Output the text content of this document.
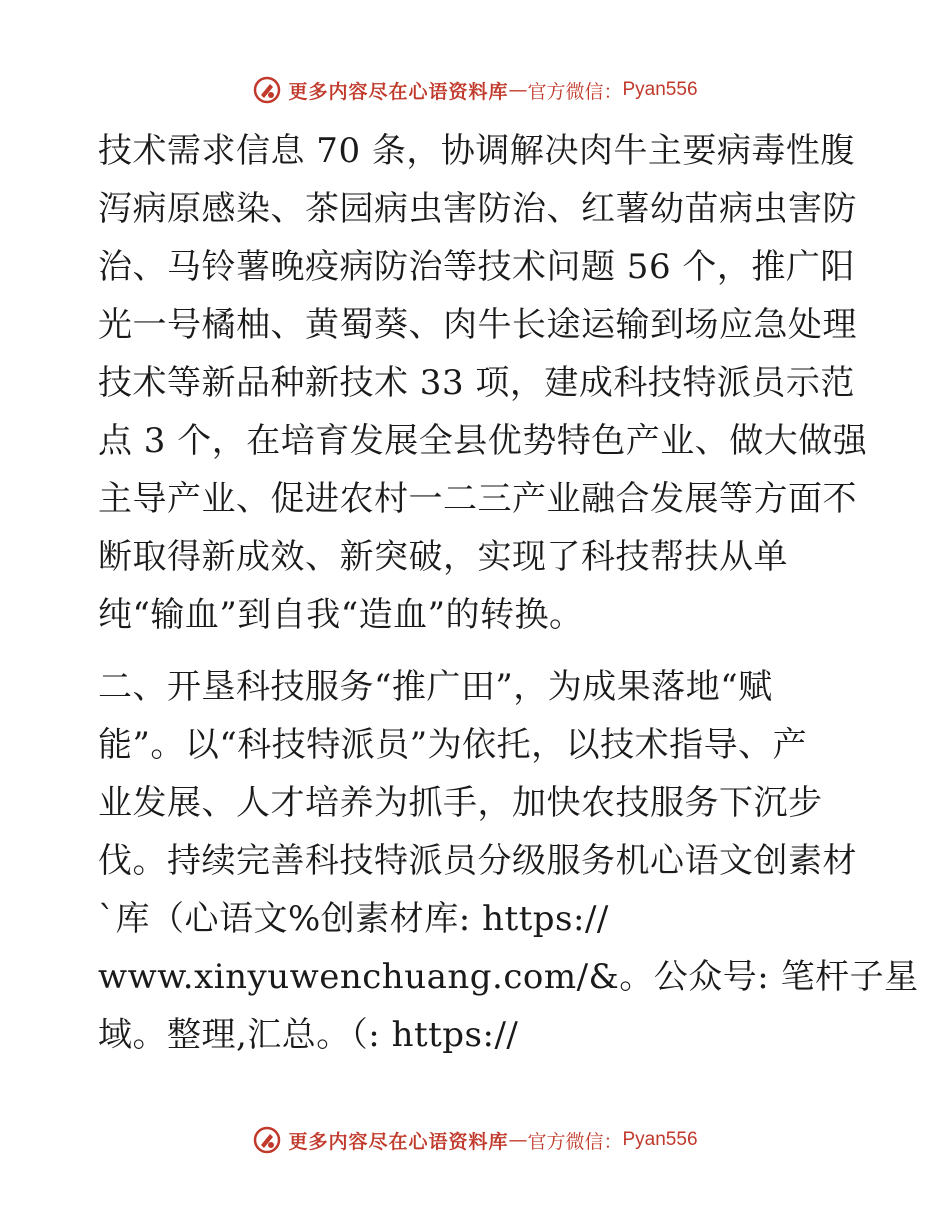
更多内容尽在心语资料库 — 官方微信： Pyan556
技术需求信息 70 条，协调解决肉牛主要病毒性腹
泻病原感染、茶园病虫害防治、红薯幼苗病虫害防
治、马铃薯晚疫病防治等技术问题 56 个，推广阳
光一号橘柚、黄蜀葵、肉牛长途运输到场应急处理
技术等新品种新技术 33 项，建成科技特派员示范
点 3 个，在培育发展全县优势特色产业、做大做强
主导产业、促进农村一二三产业融合发展等方面不
断取得新成效、新突破，实现了科技帮扶从单
纯“输血”到自我“造血”的转换。
二、开垦科技服务“推广田”，为成果落地“赋
能”。以“科技特派员”为依托，以技术指导、产
业发展、人才培养为抓手，加快农技服务下沉步
伐。持续完善科技特派员分级服务机心语文创素材
`库（心语文%创素材库: https://
www.xinyuwenchuang.com/&。公众号: 笔杆子星
域。整理,汇总。（: https://
更多内容尽在心语资料库 — 官方微信： Pyan556
